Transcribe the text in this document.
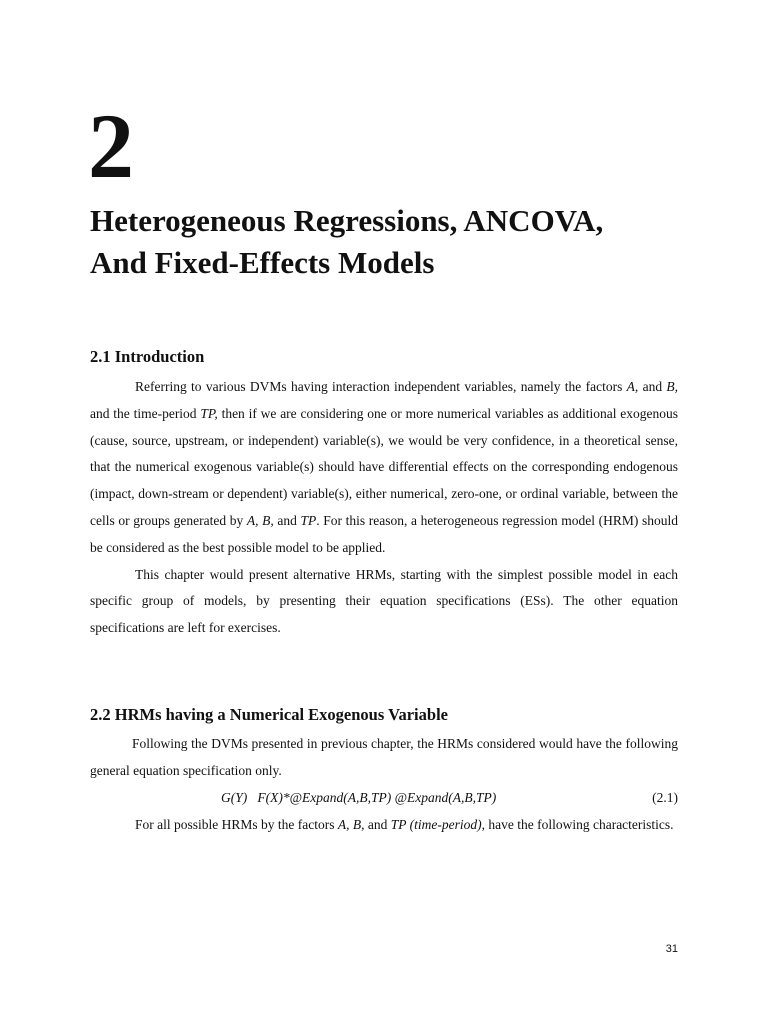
2
Heterogeneous Regressions, ANCOVA,
And Fixed-Effects Models
2.1 Introduction

Referring to various DVMs having interaction independent variables, namely the factors A, and B, and the time-period TP, then if we are considering one or more numerical variables as additional exogenous (cause, source, upstream, or independent) variable(s), we would be very confidence, in a theoretical sense, that the numerical exogenous variable(s) should have differential effects on the corresponding endogenous (impact, down-stream or dependent) variable(s), either numerical, zero-one, or ordinal variable, between the cells or groups generated by A, B, and TP. For this reason, a heterogeneous regression model (HRM) should be considered as the best possible model to be applied.

This chapter would present alternative HRMs, starting with the simplest possible model in each specific group of models, by presenting their equation specifications (ESs). The other equation specifications are left for exercises.

2.2 HRMs having a Numerical Exogenous Variable

Following the DVMs presented in previous chapter, the HRMs considered would have the following general equation specification only.

G(Y)   F(X)*@Expand(A,B,TP) @Expand(A,B,TP)	(2.1)

For all possible HRMs by the factors A, B, and TP (time-period), have the following characteristics.

31
